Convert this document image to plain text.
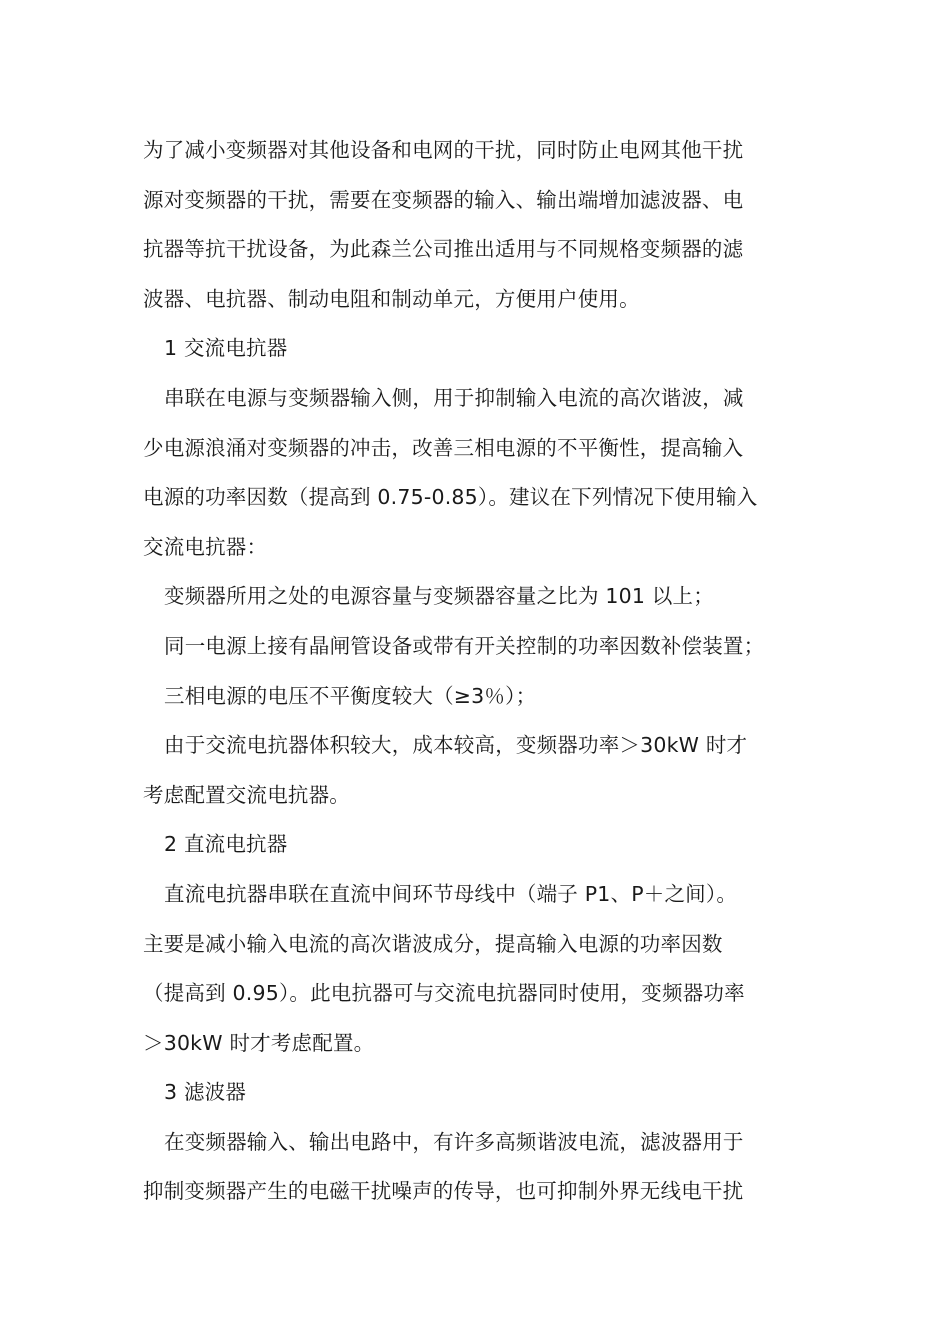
为了减小变频器对其他设备和电网的干扰，同时防止电网其他干扰
源对变频器的干扰，需要在变频器的输入、输出端增加滤波器、电
抗器等抗干扰设备，为此森兰公司推出适用与不同规格变频器的滤
波器、电抗器、制动电阻和制动单元，方便用户使用。
1 交流电抗器
串联在电源与变频器输入侧，用于抑制输入电流的高次谐波，减
少电源浪涌对变频器的冲击，改善三相电源的不平衡性，提高输入
电源的功率因数（提高到 0.75-0.85）。建议在下列情况下使用输入
交流电抗器：
变频器所用之处的电源容量与变频器容量之比为 101 以上；
同一电源上接有晶闸管设备或带有开关控制的功率因数补偿装置；
三相电源的电压不平衡度较大（≥3％）；
由于交流电抗器体积较大，成本较高，变频器功率＞30kW 时才
考虑配置交流电抗器。
2 直流电抗器
直流电抗器串联在直流中间环节母线中（端子 P1、P＋之间）。
主要是减小输入电流的高次谐波成分，提高输入电源的功率因数
（提高到 0.95）。此电抗器可与交流电抗器同时使用，变频器功率
＞30kW 时才考虑配置。
3 滤波器
在变频器输入、输出电路中，有许多高频谐波电流，滤波器用于
抑制变频器产生的电磁干扰噪声的传导，也可抑制外界无线电干扰
